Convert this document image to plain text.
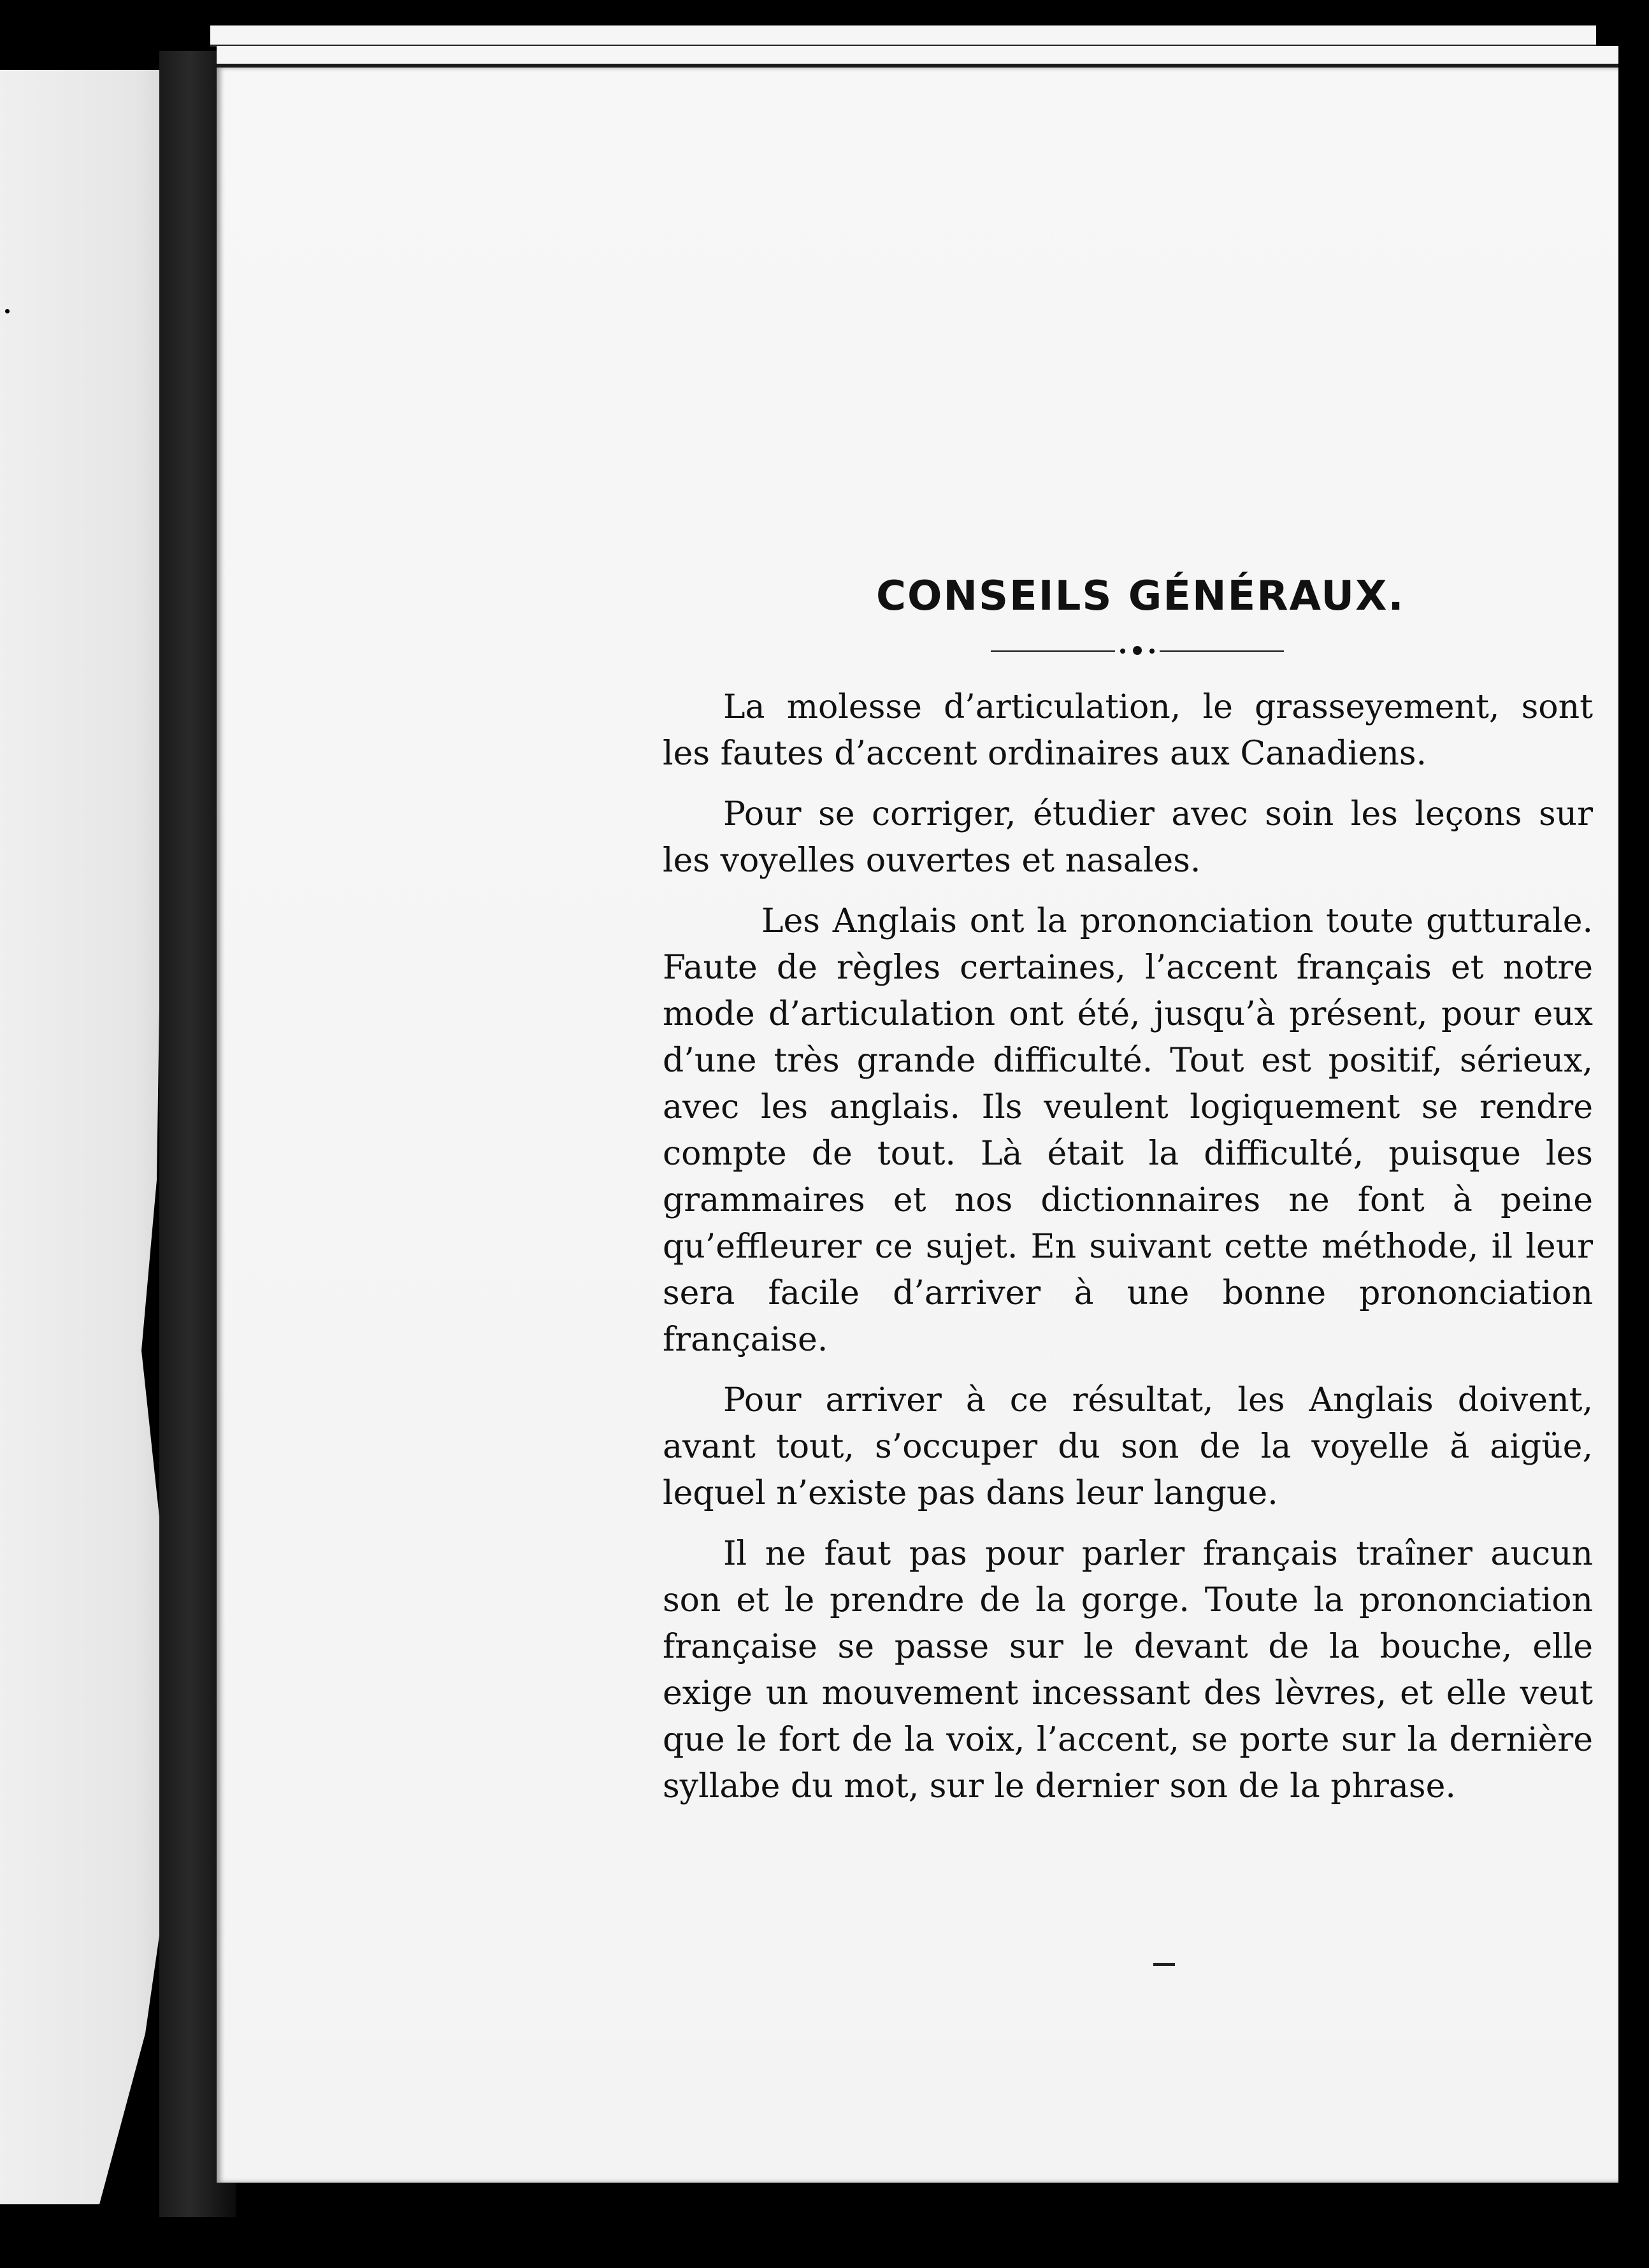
CONSEILS GÉNÉRAUX.

La molesse d’articulation, le grasseyement, sont les fautes d’accent ordinaires aux Canadiens.

Pour se corriger, étudier avec soin les leçons sur les voyelles ouvertes et nasales.

Les Anglais ont la prononciation toute gutturale. Faute de règles certaines, l’accent français et notre mode d’articulation ont été, jusqu’à présent, pour eux d’une très grande difficulté. Tout est positif, sérieux, avec les anglais. Ils veulent logiquement se rendre compte de tout. Là était la difficulté, puisque les grammaires et nos dictionnaires ne font à peine qu’effleurer ce sujet. En suivant cette méthode, il leur sera facile d’arriver à une bonne prononciation française.

Pour arriver à ce résultat, les Anglais doivent, avant tout, s’occuper du son de la voyelle ă aigüe, lequel n’existe pas dans leur langue.

Il ne faut pas pour parler français traîner aucun son et le prendre de la gorge. Toute la prononciation française se passe sur le devant de la bouche, elle exige un mouvement incessant des lèvres, et elle veut que le fort de la voix, l’accent, se porte sur la dernière syllabe du mot, sur le dernier son de la phrase.
